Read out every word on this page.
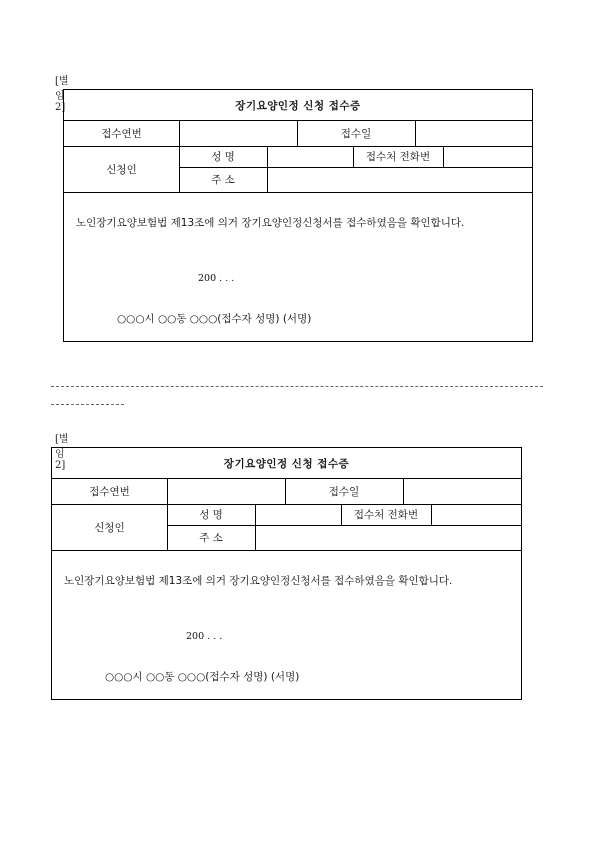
[별임 2]	장기요양인정 신청 접수증
접수연번	접수일
신청인
성 명	접수처 전화번
주 소
노인장기요양보험법 제13조에 의거 장기요양인정신청서를 접수하였음을 확인합니다.
200 . . .
○○○시 ○○동 ○○○(접수자 성명) (서명)
[별임 2]	장기요양인정 신청 접수증
접수연번	접수일
신청인
성 명	접수처 전화번
주 소
노인장기요양보험법 제13조에 의거 장기요양인정신청서를 접수하였음을 확인합니다.
200 . . .
○○○시 ○○동 ○○○(접수자 성명) (서명)
